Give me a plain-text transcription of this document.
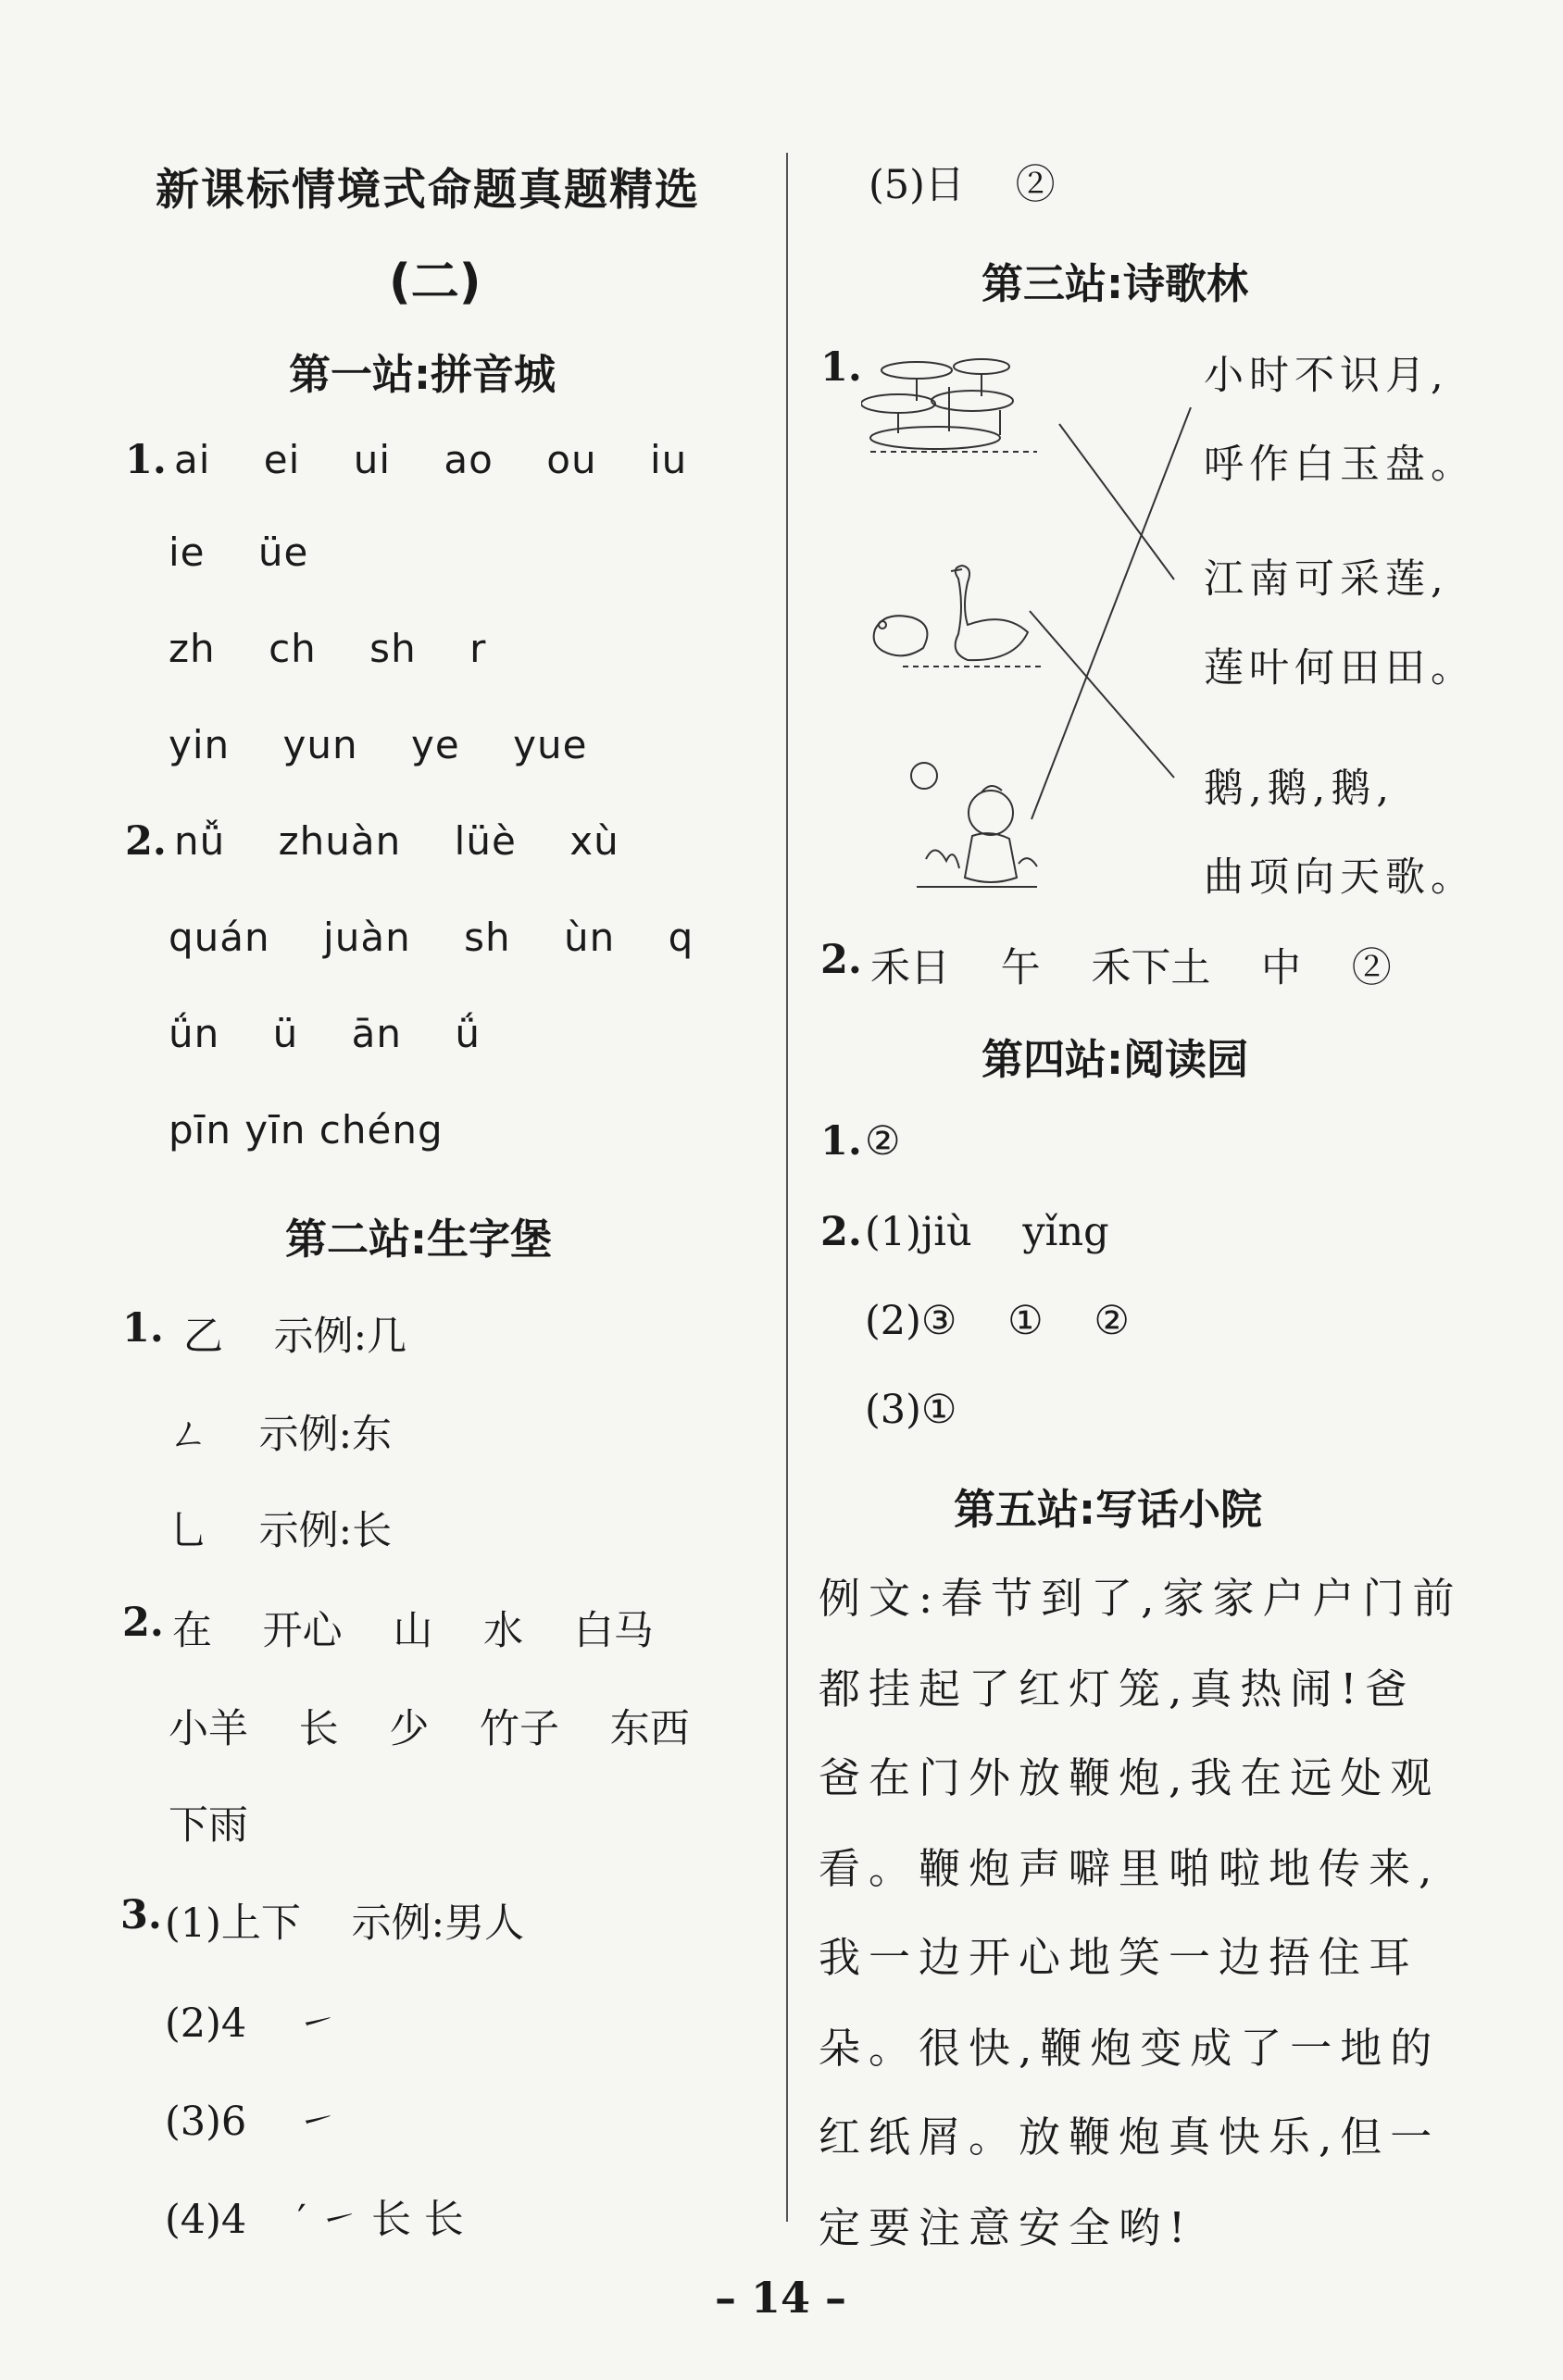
新课标情境式命题真题精选
(二)
第一站:拼音城
1. ai    ei    ui    ao    ou    iu
ie    üe
zh    ch    sh    r
yin    yun    ye    yue
2. nǚ    zhuàn    lüè    xù
quán    juàn    sh    ùn    q
ǘn    ü    ān    ǘ
pīn yīn chéng
第二站:生字堡
1. 乙    示例:几
ㄥ    示例:东
乚    示例:长
2. 在    开心    山    水    白马
小羊    长    少    竹子    东西
下雨
3. (1)上下    示例:男人
(2)4    ㇀
(3)6    ㇀
(4)4    ′ ㇀ 长 长
(5)日    ②
第三站:诗歌林
1.	小时不识月,
呼作白玉盘。
江南可采莲,
莲叶何田田。
鹅,鹅,鹅,
曲项向天歌。
2. 禾日    午    禾下土    中    ②
第四站:阅读园
1. ②
2. (1)jiù    yǐng
(2)③    ①    ②
(3)①
第五站:写话小院
例文:春节到了,家家户户门前
都挂起了红灯笼,真热闹!爸
爸在门外放鞭炮,我在远处观
看。鞭炮声噼里啪啦地传来,
我一边开心地笑一边捂住耳
朵。很快,鞭炮变成了一地的
红纸屑。放鞭炮真快乐,但一
定要注意安全哟!
– 14 –
